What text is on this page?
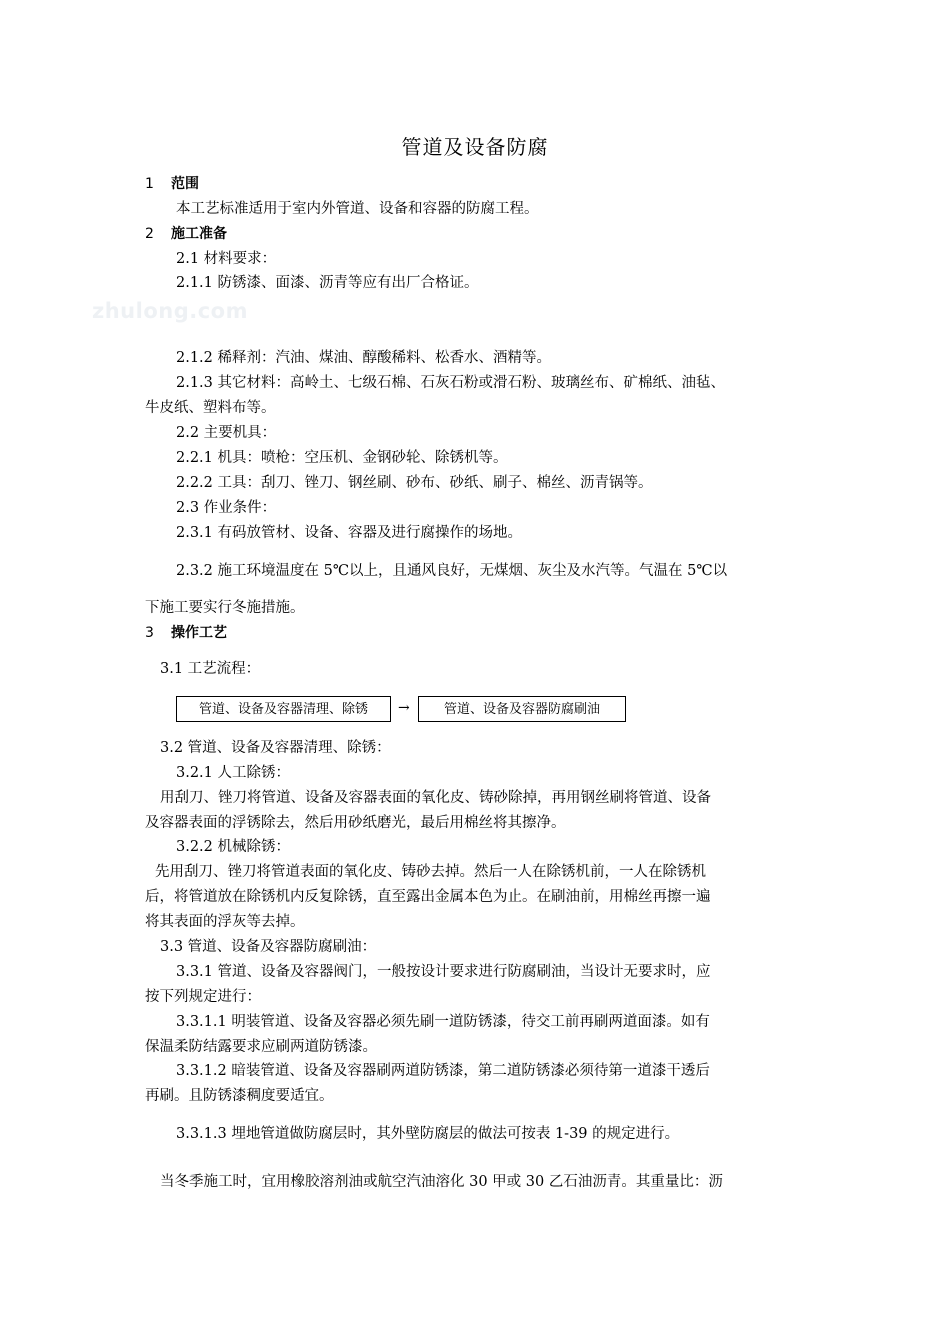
zhulong.com
管道及设备防腐
1 范围
本工艺标准适用于室内外管道、设备和容器的防腐工程。
2 施工准备
2.1 材料要求：
2.1.1 防锈漆、面漆、沥青等应有出厂合格证。
2.1.2 稀释剂：汽油、煤油、醇酸稀料、松香水、酒精等。
2.1.3 其它材料：高岭土、七级石棉、石灰石粉或滑石粉、玻璃丝布、矿棉纸、油毡、
牛皮纸、塑料布等。
2.2 主要机具：
2.2.1 机具：喷枪：空压机、金钢砂轮、除锈机等。
2.2.2 工具：刮刀、锉刀、钢丝刷、砂布、砂纸、刷子、棉丝、沥青锅等。
2.3 作业条件：
2.3.1 有码放管材、设备、容器及进行腐操作的场地。
2.3.2 施工环境温度在 5℃以上，且通风良好，无煤烟、灰尘及水汽等。气温在 5℃以
下施工要实行冬施措施。
3 操作工艺
3.1 工艺流程：
管道、设备及容器清理、除锈	→	管道、设备及容器防腐刷油
3.2 管道、设备及容器清理、除锈：
3.2.1 人工除锈：
用刮刀、锉刀将管道、设备及容器表面的氧化皮、铸砂除掉，再用钢丝刷将管道、设备
及容器表面的浮锈除去，然后用砂纸磨光，最后用棉丝将其擦净。
3.2.2 机械除锈：
先用刮刀、锉刀将管道表面的氧化皮、铸砂去掉。然后一人在除锈机前，一人在除锈机
后，将管道放在除锈机内反复除锈，直至露出金属本色为止。在刷油前，用棉丝再擦一遍
将其表面的浮灰等去掉。
3.3 管道、设备及容器防腐刷油：
3.3.1 管道、设备及容器阀门，一般按设计要求进行防腐刷油，当设计无要求时，应
按下列规定进行：
3.3.1.1 明装管道、设备及容器必须先刷一道防锈漆，待交工前再刷两道面漆。如有
保温柔防结露要求应刷两道防锈漆。
3.3.1.2 暗装管道、设备及容器刷两道防锈漆，第二道防锈漆必须待第一道漆干透后
再刷。且防锈漆稠度要适宜。
3.3.1.3 埋地管道做防腐层时，其外壁防腐层的做法可按表 1-39 的规定进行。
当冬季施工时，宜用橡胶溶剂油或航空汽油溶化 30 甲或 30 乙石油沥青。其重量比：沥
